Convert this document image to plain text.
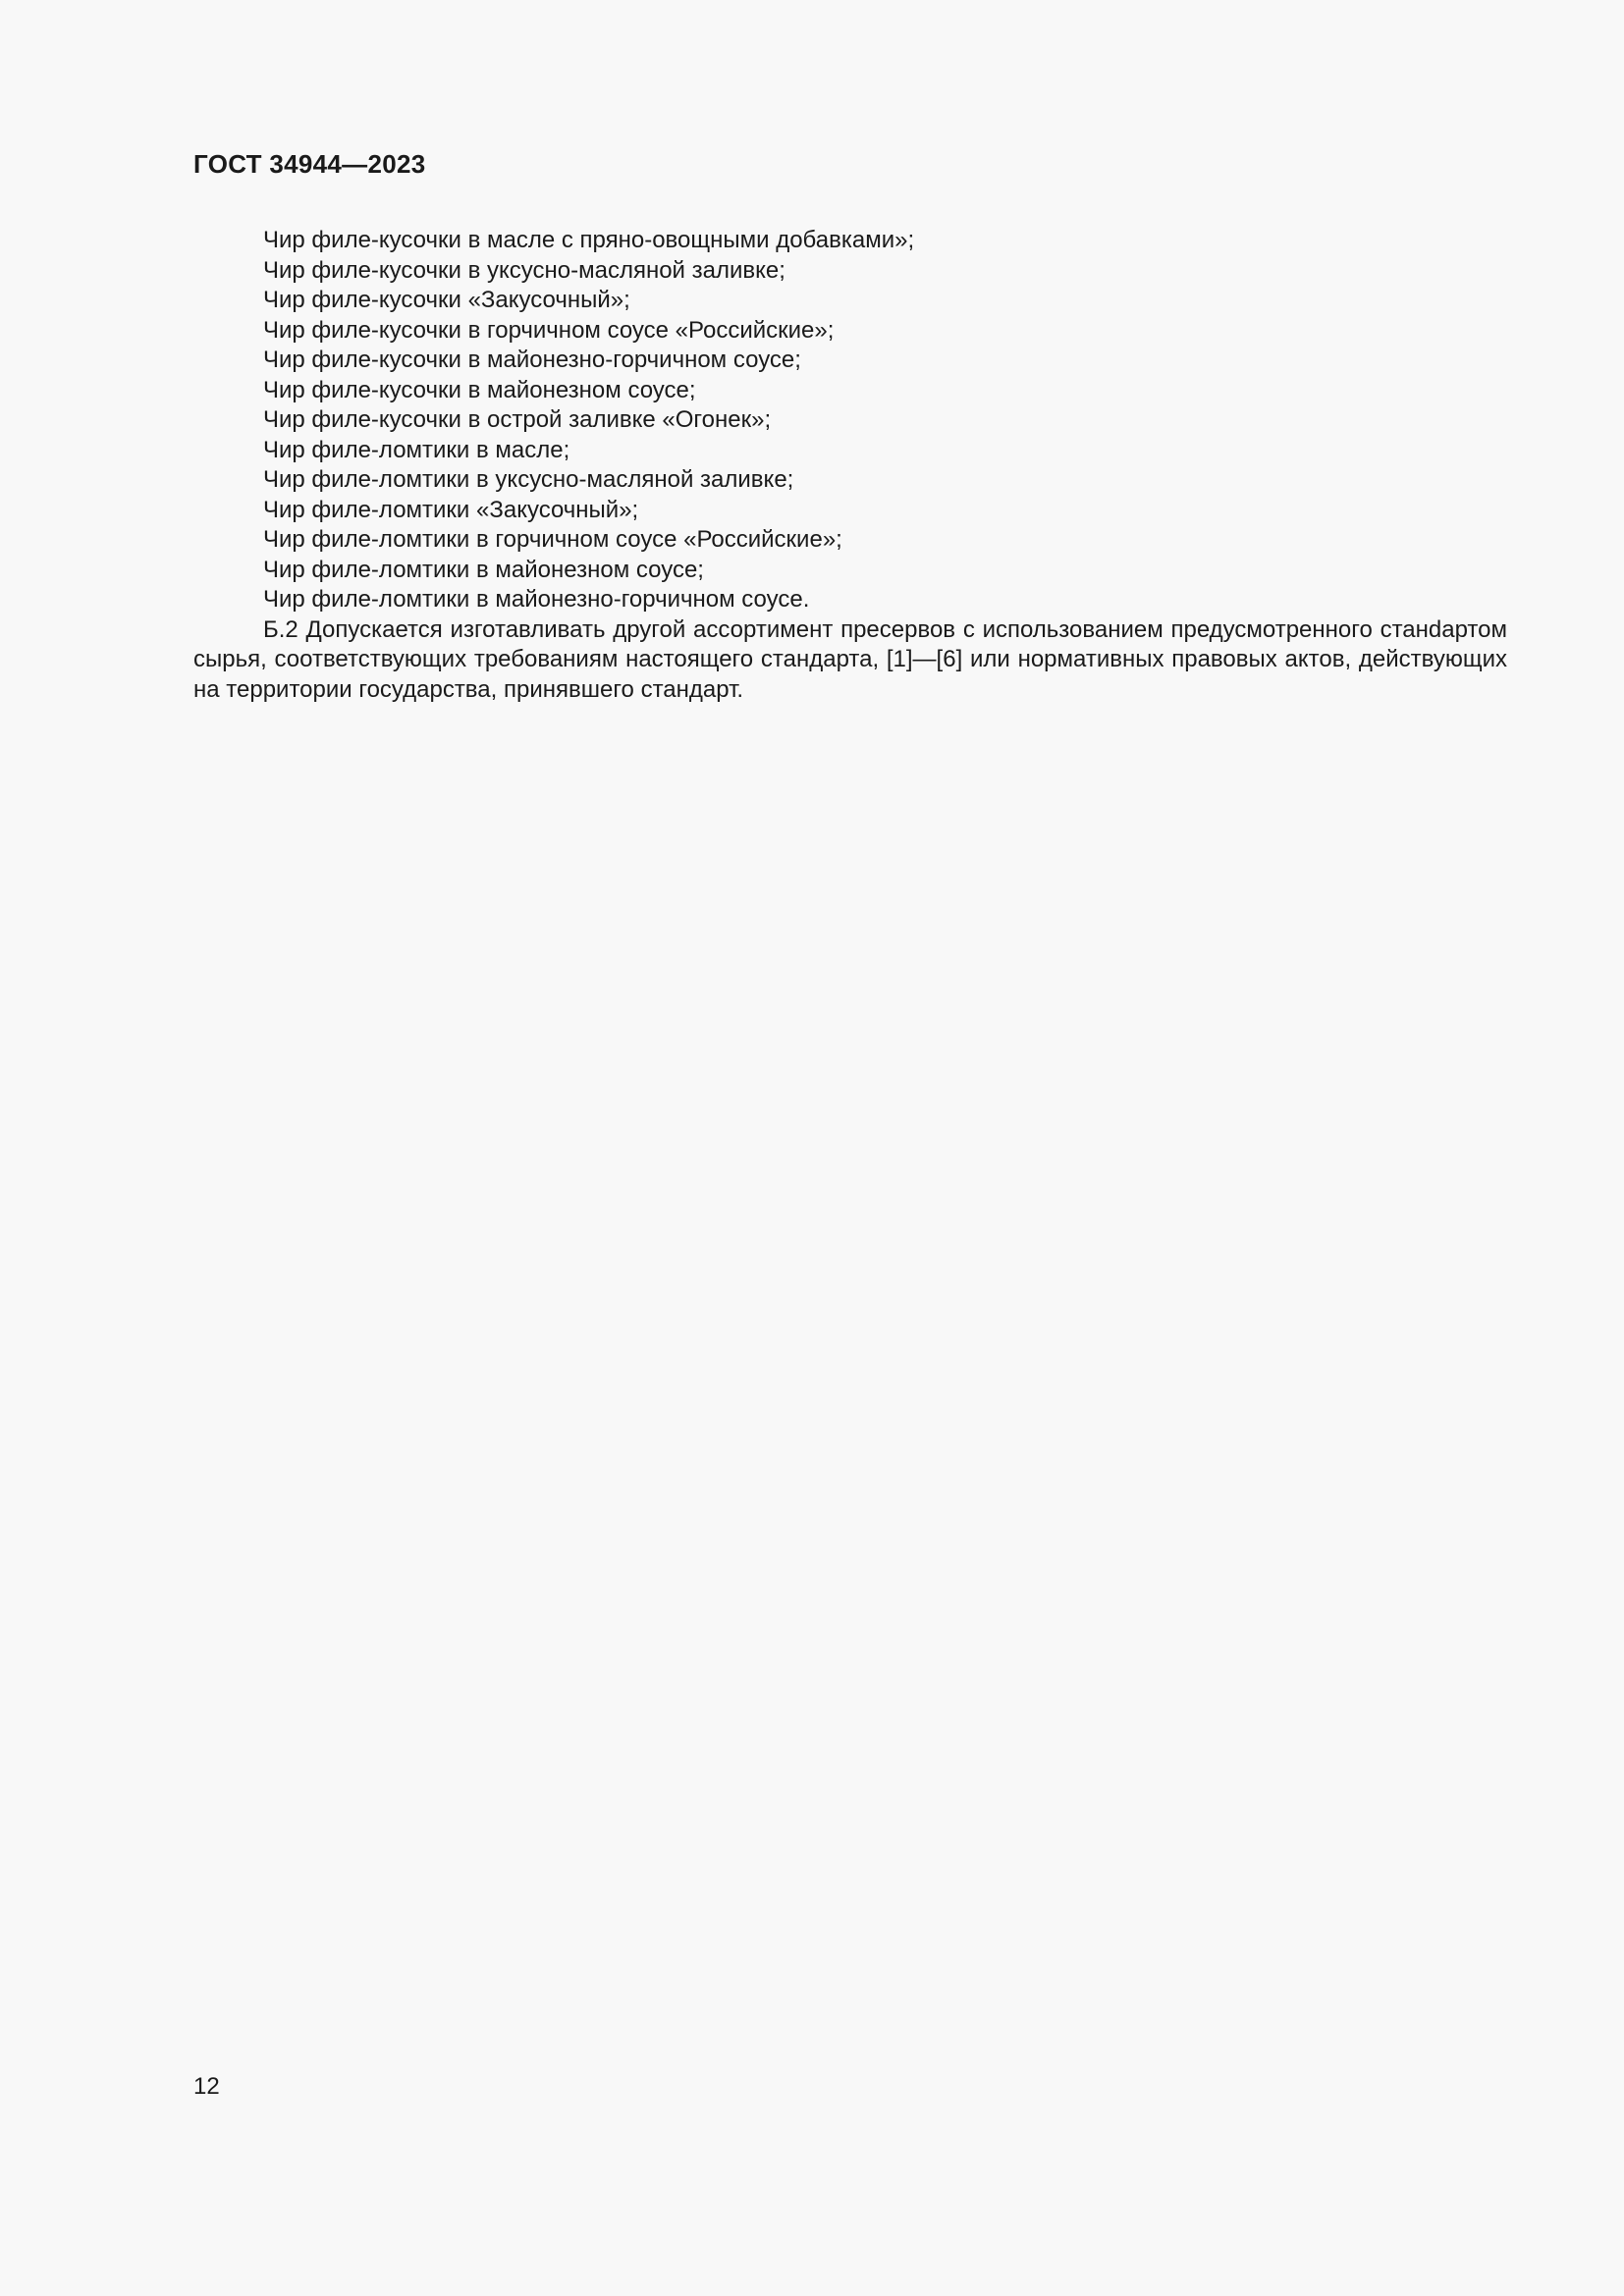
ГОСТ 34944—2023
Чир филе-кусочки в масле с пряно-овощными добавками»;
Чир филе-кусочки в уксусно-масляной заливке;
Чир филе-кусочки «Закусочный»;
Чир филе-кусочки в горчичном соусе «Российские»;
Чир филе-кусочки в майонезно-горчичном соусе;
Чир филе-кусочки в майонезном соусе;
Чир филе-кусочки в острой заливке «Огонек»;
Чир филе-ломтики в масле;
Чир филе-ломтики в уксусно-масляной заливке;
Чир филе-ломтики «Закусочный»;
Чир филе-ломтики в горчичном соусе «Российские»;
Чир филе-ломтики в майонезном соусе;
Чир филе-ломтики в майонезно-горчичном соусе.

Б.2 Допускается изготавливать другой ассортимент пресервов с использованием предусмотренного станdартом сырья, соответствующих требованиям настоящего стандарта, [1]—[6] или нормативных правовых актов, действующих на территории государства, принявшего стандарт.

12
